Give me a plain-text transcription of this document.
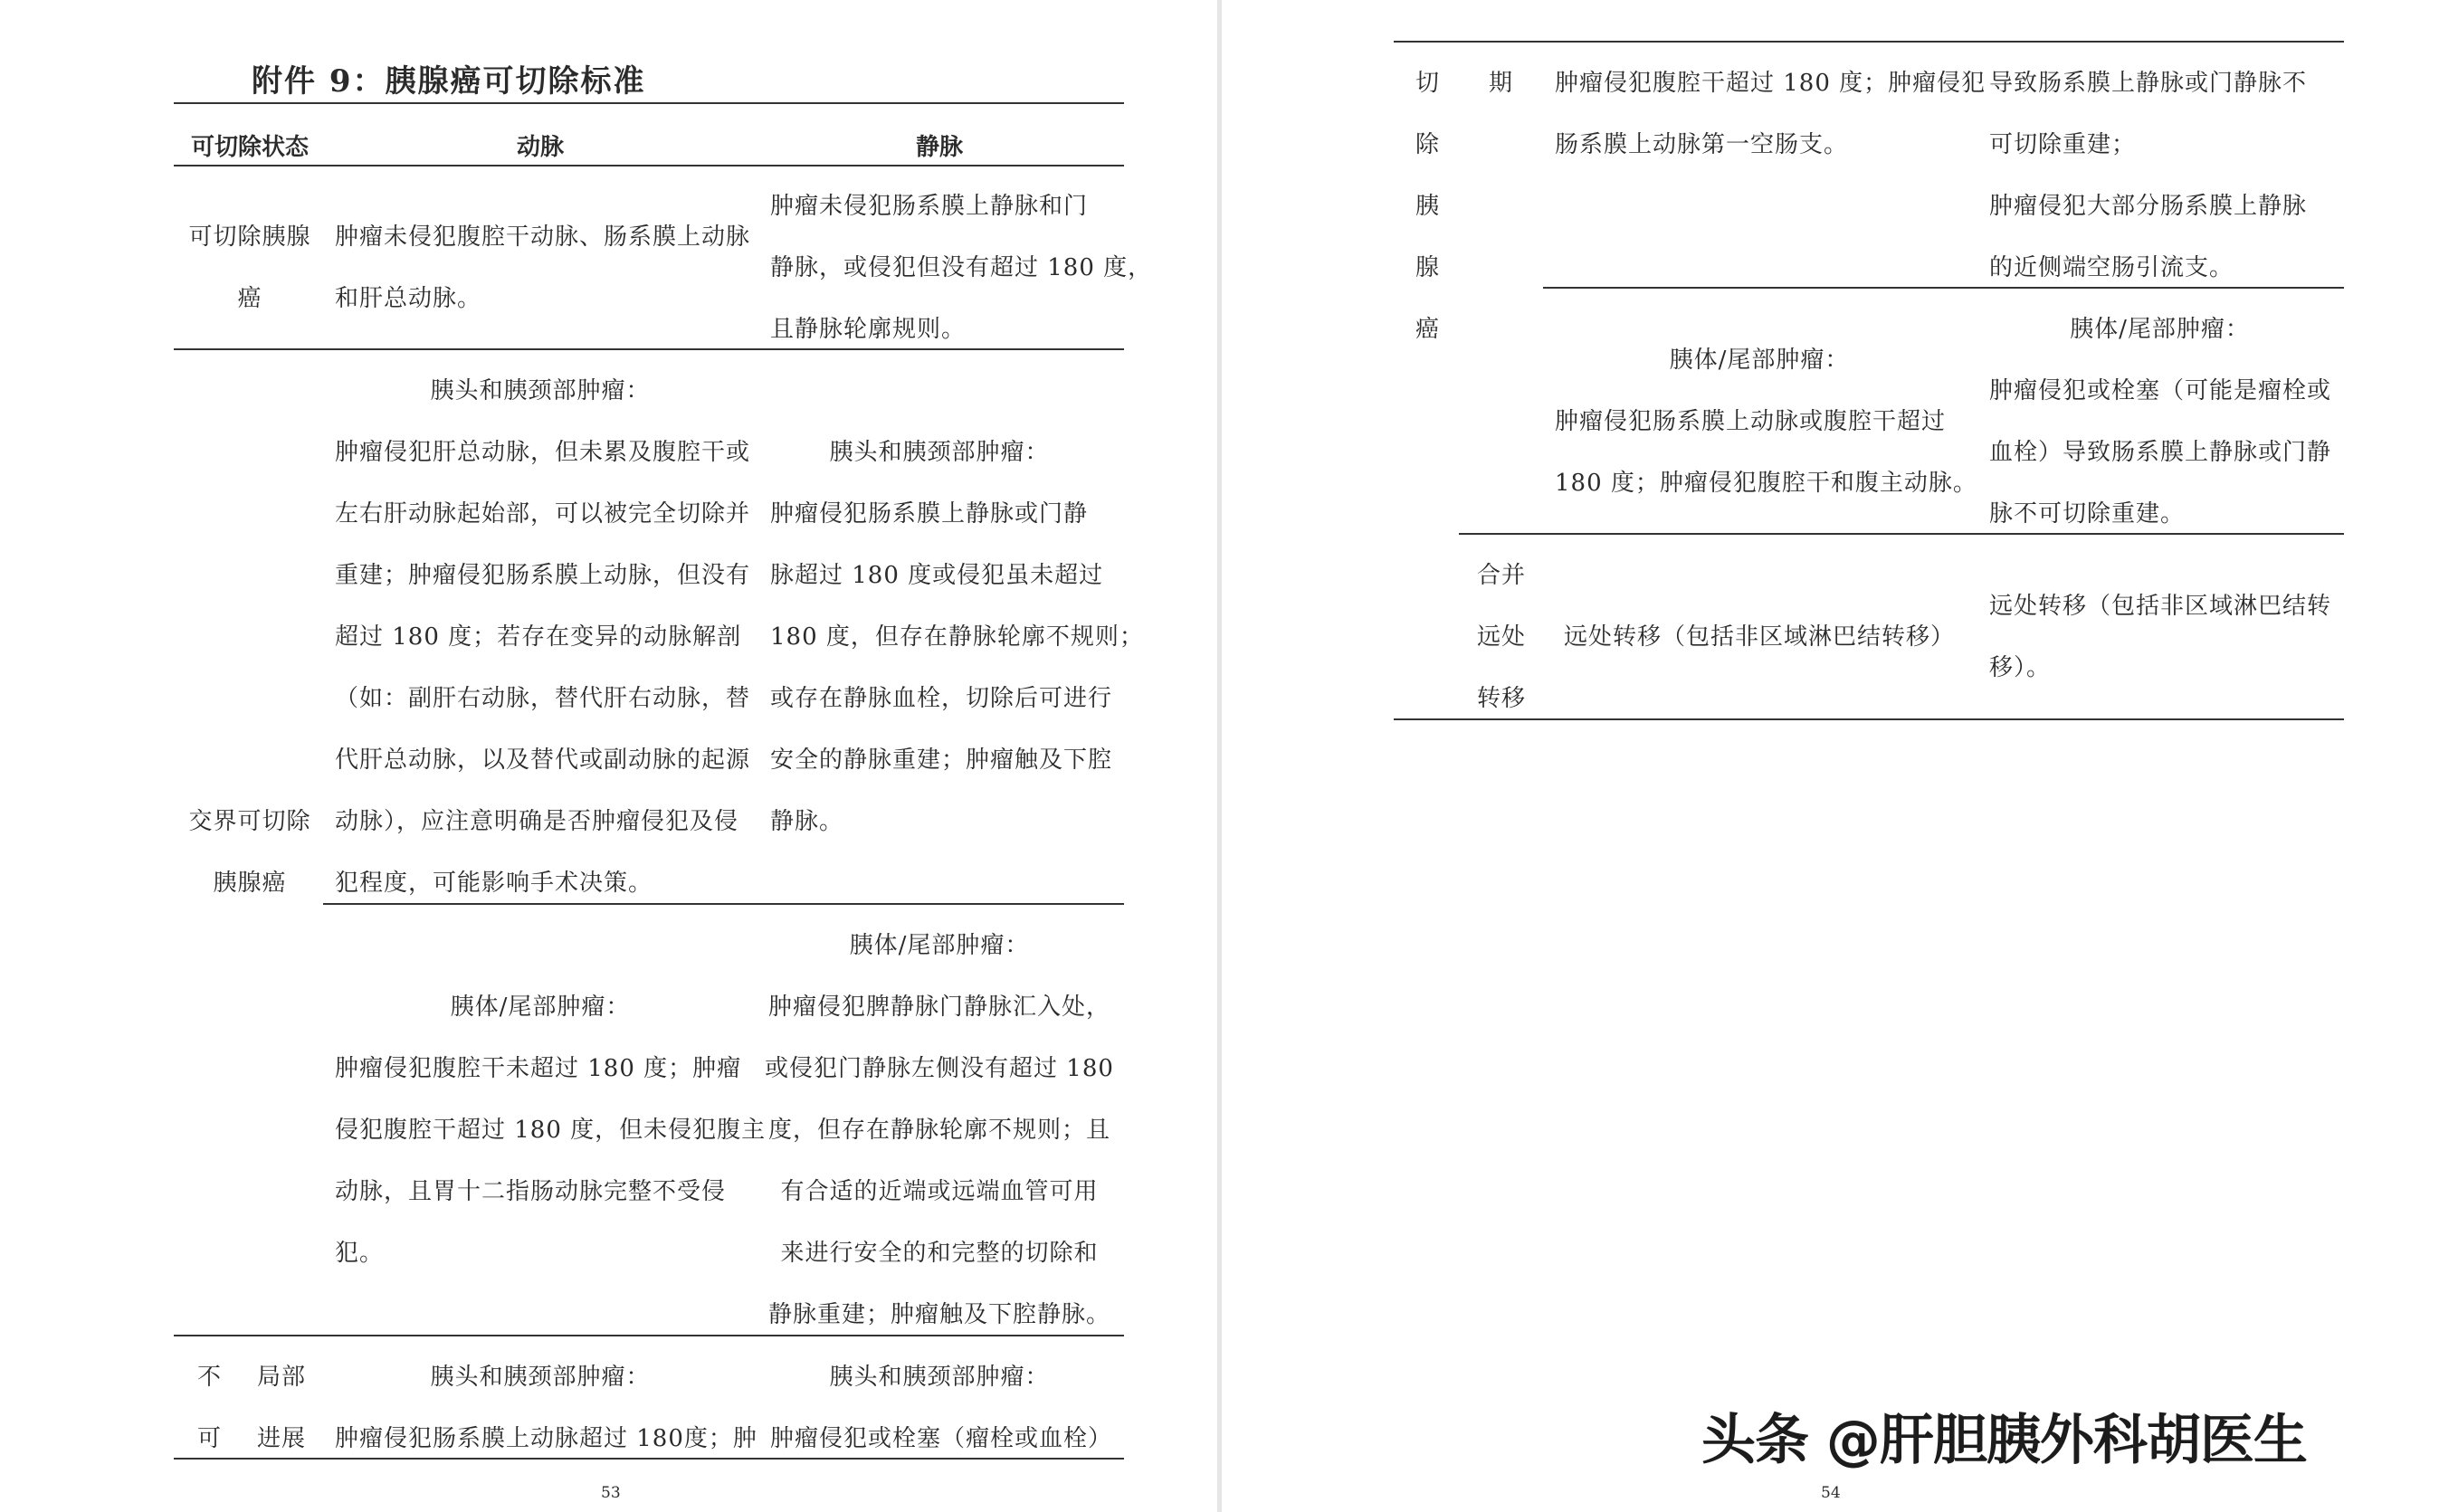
附件 9：胰腺癌可切除标准
可切除状态	动脉	静脉
可切除胰腺
癌
肿瘤未侵犯腹腔干动脉、肠系膜上动脉
和肝总动脉。
肿瘤未侵犯肠系膜上静脉和门
静脉，或侵犯但没有超过 180 度，
且静脉轮廓规则。
胰头和胰颈部肿瘤：
肿瘤侵犯肝总动脉，但未累及腹腔干或
左右肝动脉起始部，可以被完全切除并
重建；肿瘤侵犯肠系膜上动脉，但没有
超过 180 度；若存在变异的动脉解剖
（如：副肝右动脉，替代肝右动脉，替
代肝总动脉，以及替代或副动脉的起源
动脉），应注意明确是否肿瘤侵犯及侵
犯程度，可能影响手术决策。
胰头和胰颈部肿瘤：
肿瘤侵犯肠系膜上静脉或门静
脉超过 180 度或侵犯虽未超过
180 度，但存在静脉轮廓不规则；
或存在静脉血栓，切除后可进行
安全的静脉重建；肿瘤触及下腔
静脉。
交界可切除
胰腺癌
胰体/尾部肿瘤：
肿瘤侵犯腹腔干未超过 180 度；肿瘤
侵犯腹腔干超过 180 度，但未侵犯腹主
动脉，且胃十二指肠动脉完整不受侵
犯。
胰体/尾部肿瘤：
肿瘤侵犯脾静脉门静脉汇入处，
或侵犯门静脉左侧没有超过 180
度，但存在静脉轮廓不规则；且
有合适的近端或远端血管可用
来进行安全的和完整的切除和
静脉重建；肿瘤触及下腔静脉。
不
可
局部
进展
胰头和胰颈部肿瘤：
肿瘤侵犯肠系膜上动脉超过 180度；肿
胰头和胰颈部肿瘤：
肿瘤侵犯或栓塞（瘤栓或血栓）
53
切
除
胰
腺
癌
期 肿瘤侵犯腹腔干超过 180 度；肿瘤侵犯
肠系膜上动脉第一空肠支。
导致肠系膜上静脉或门静脉不
可切除重建；
肿瘤侵犯大部分肠系膜上静脉
的近侧端空肠引流支。
胰体/尾部肿瘤：
肿瘤侵犯肠系膜上动脉或腹腔干超过
180 度；肿瘤侵犯腹腔干和腹主动脉。
胰体/尾部肿瘤：
肿瘤侵犯或栓塞（可能是瘤栓或
血栓）导致肠系膜上静脉或门静
脉不可切除重建。
合并
远处
转移
远处转移（包括非区域淋巴结转移）
远处转移（包括非区域淋巴结转
移）。
54
头条 @肝胆胰外科胡医生
